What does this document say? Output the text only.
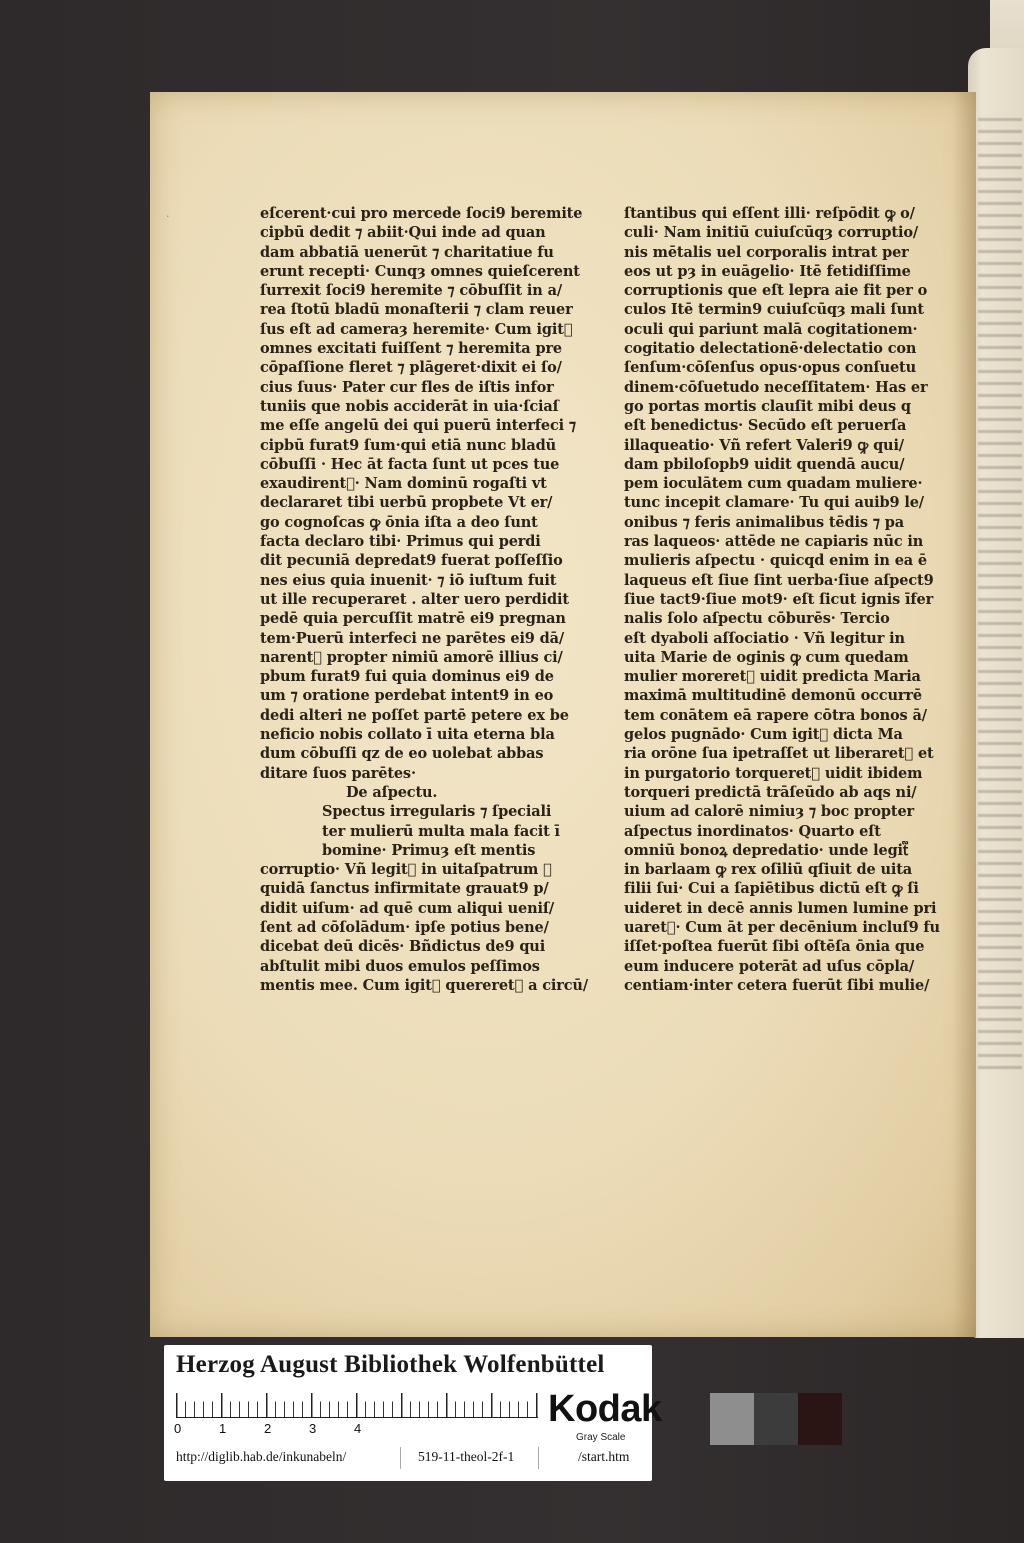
·	eſcerent·cui pro mercede ſoci9 beremite
cipbū dedit ⁊ abiit·Qui inde ad quan
dam abbatiā uenerūt ⁊ charitatiue fu
erunt recepti· Cunqȝ omnes quieſcerent
ſurrexit ſoci9 heremite ⁊ cōbuſſit in a/
rea ſtotū bladū monaſterii ⁊ clam reuer
ſus eſt ad cameraȝ heremite· Cum igit᷑
omnes excitati fuiſſent ⁊ heremita pre
cōpaſſione fleret ⁊ plāgeret·dixit ei ſo/
cius ſuus· Pater cur fles de iſtis infor
tuniis que nobis acciderāt in uia·ſciaſ
me eſſe angelū dei qui puerū interfeci ⁊
cipbū furat9 ſum·qui etiā nunc bladū
cōbuſſi · Hec āt facta ſunt ut pces tue
exaudirent᷑· Nam dominū rogaſti vt
declararet tibi uerbū propbete Vt er/
go cognoſcas ꝙ ōnia iſta a deo ſunt
facta declaro tibi· Primus qui perdi
dit pecuniā depredat9 fuerat poſſeſſio
nes eius quia inuenit· ⁊ iō iuſtum fuit
ut ille recuperaret . alter uero perdidit
pedē quia percuſſit matrē ei9 pregnan
tem·Puerū interfeci ne parētes ei9 dā/
narent᷑ propter nimiū amorē illius ci/
pbum furat9 fui quia dominus ei9 de
um ⁊ oratione perdebat intent9 in eo
dedi alteri ne poſſet partē petere ex be
neficio nobis collato ī uita eterna bla
dum cōbuſſi qz de eo uolebat abbas
ditare ſuos parētes·
De aſpectu.
Spectus irregularis ⁊ ſpeciali
ter mulierū multa mala facit ī
bomine· Primuȝ eſt mentis
corruptio· Vñ legit᷑ in uitaſpatrum ꝙ
quidā ſanctus infirmitate grauat9 p/
didit uiſum· ad quē cum aliqui ueniſ/
ſent ad cōſolādum· ipſe potius bene/
dicebat deū dicēs· Bñdictus de9 qui
abſtulit mibi duos emulos peſſimos
mentis mee. Cum igit᷑ quereret᷑ a circū/
ſtantibus qui eſſent illi· reſpōdit ꝙ o/
culi· Nam initiū cuiuſcūqȝ corruptio/
nis mētalis uel corporalis intrat per
eos ut pȝ in euāgelio· Itē fetidiſſime
corruptionis que eſt lepra aie fit per o
culos Itē termin9 cuiuſcūqȝ mali ſunt
oculi qui pariunt malā cogitationem·
cogitatio delectationē·delectatio con
ſenſum·cōſenſus opus·opus conſuetu
dinem·cōſuetudo neceſſitatem· Has er
go portas mortis clauſit mibi deus q
eſt benedictus· Secūdo eſt peruerſa
illaqueatio· Vñ refert Valeri9 ꝙ qui/
dam pbiloſopb9 uidit quendā aucu/
pem ioculātem cum quadam muliere·
tunc incepit clamare· Tu qui auib9 le/
onibus ⁊ feris animalibus tēdis ⁊ pa
ras laqueos· attēde ne capiaris nūc in
mulieris aſpectu · quicqd enim in ea ē
laqueus eſt ſiue ſint uerba·ſiue aſpect9
ſiue tact9·ſiue mot9· eſt ſicut ignis īfer
nalis ſolo aſpectu cōburēs· Tercio
eſt dyaboli aſſociatio · Vñ legitur in
uita Marie de oginis ꝙ cum quedam
mulier moreret᷑ uidit predicta Maria
maximā multitudinē demonū occurrē
tem conātem eā rapere cōtra bonos ā/
gelos pugnādo· Cum igit᷑ dicta Ma
ria orōne ſua ipetraſſet ut liberaret᷑ et
in purgatorio torqueret᷑ uidit ibidem
torqueri predictā trāſeūdo ab aqs ni/
uium ad calorē nimiuȝ ⁊ boc propter
aſpectus inordinatos· Quarto eſt
omniū bonoꝝ depredatio· unde legit᷑
in barlaam ꝙ rex oſiliū qſiuit de uita
filii ſui· Cui a ſapiētibus dictū eſt ꝙ ſi
uideret in decē annis lumen lumine pri
uaret᷑· Cum āt per decēnium incluſ9 fu
iſſet·poſtea fuerūt ſibi oſtēſa ōnia que
eum inducere poterāt ad uſus cōpla/
centiam·inter cetera fuerūt ſibi mulie/
Herzog August Bibliothek Wolfenbüttel
0	1	2	3	4	Kodak
Gray Scale
http://diglib.hab.de/inkunabeln/	519-11-theol-2f-1	/start.htm
